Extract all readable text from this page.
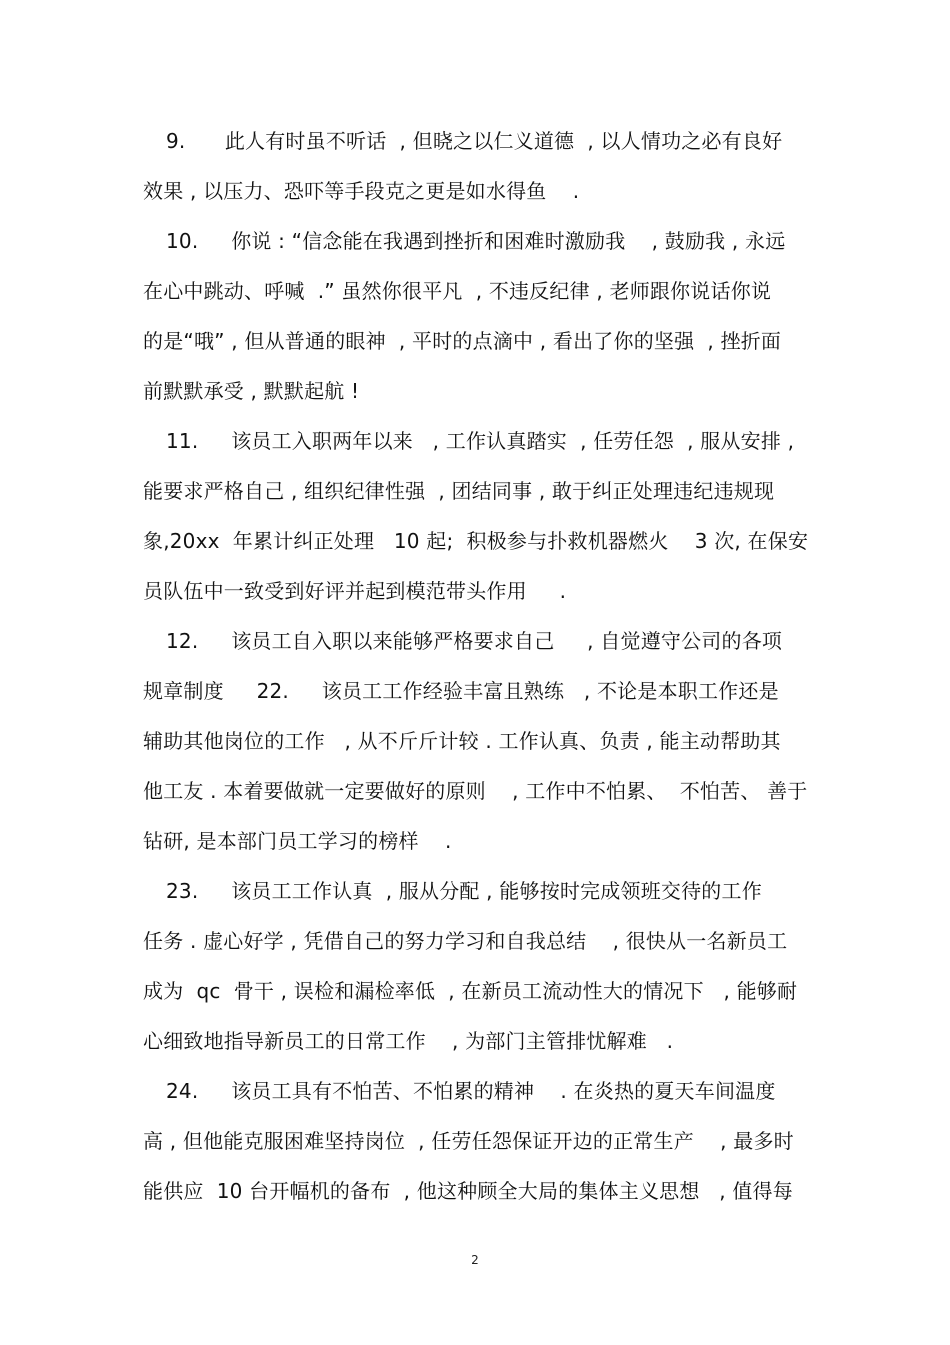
9.      此人有时虽不听话  , 但晓之以仁义道德  , 以人情功之必有良好
效果 , 以压力、恐吓等手段克之更是如水得鱼    .
10.     你说 : “信念能在我遇到挫折和困难时激励我    , 鼓励我 , 永远
在心中跳动、呼喊  .” 虽然你很平凡  , 不违反纪律 , 老师跟你说话你说
的是“哦” , 但从普通的眼神  , 平时的点滴中 , 看出了你的坚强  , 挫折面
前默默承受 , 默默起航 !
11.     该员工入职两年以来   , 工作认真踏实  , 任劳任怨  , 服从安排 ,
能要求严格自己 , 组织纪律性强  , 团结同事 , 敢于纠正处理违纪违规现
象,20xx  年累计纠正处理   10 起;  积极参与扑救机器燃火    3 次, 在保安
员队伍中一致受到好评并起到模范带头作用     .
12.     该员工自入职以来能够严格要求自己     , 自觉遵守公司的各项
规章制度     22.     该员工工作经验丰富且熟练   , 不论是本职工作还是
辅助其他岗位的工作   , 从不斤斤计较 . 工作认真、负责 , 能主动帮助其
他工友 . 本着要做就一定要做好的原则    , 工作中不怕累、  不怕苦、 善于
钻研, 是本部门员工学习的榜样    .
23.     该员工工作认真  , 服从分配 , 能够按时完成领班交待的工作
任务 . 虚心好学 , 凭借自己的努力学习和自我总结    , 很快从一名新员工
成为  qc  骨干 , 误检和漏检率低  , 在新员工流动性大的情况下   , 能够耐
心细致地指导新员工的日常工作    , 为部门主管排忧解难   .
24.     该员工具有不怕苦、不怕累的精神    . 在炎热的夏天车间温度
高 , 但他能克服困难坚持岗位  , 任劳任怨保证开边的正常生产    , 最多时
能供应  10 台开幅机的备布  , 他这种顾全大局的集体主义思想   , 值得每
2
